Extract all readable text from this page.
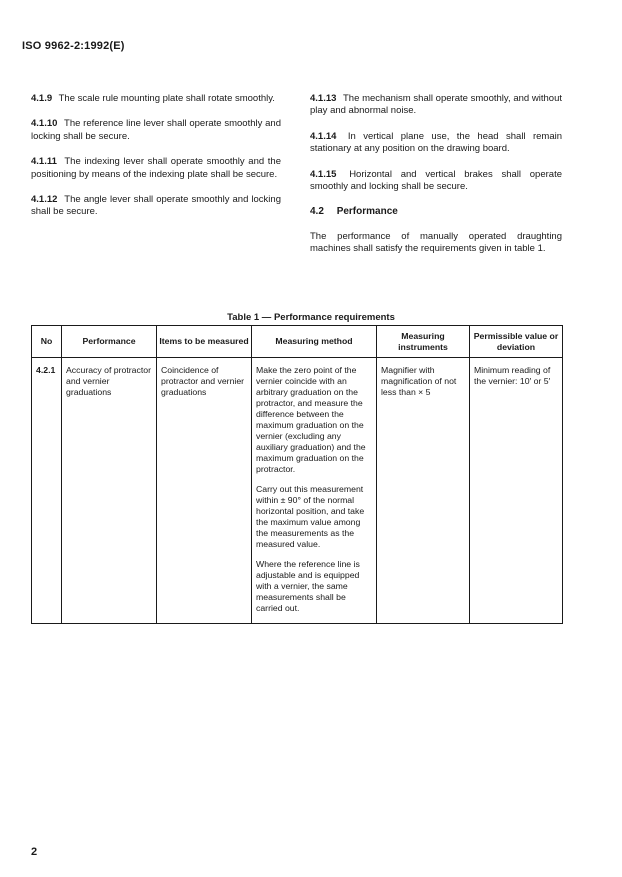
ISO 9962-2:1992(E)

4.1.9 The scale rule mounting plate shall rotate smoothly.

4.1.10 The reference line lever shall operate smoothly and locking shall be secure.

4.1.11 The indexing lever shall operate smoothly and the positioning by means of the indexing plate shall be secure.

4.1.12 The angle lever shall operate smoothly and locking shall be secure.

4.1.13 The mechanism shall operate smoothly, and without play and abnormal noise.

4.1.14 In vertical plane use, the head shall remain stationary at any position on the drawing board.

4.1.15 Horizontal and vertical brakes shall operate smoothly and locking shall be secure.

4.2 Performance

The performance of manually operated draughting machines shall satisfy the requirements given in table 1.

Table 1 — Performance requirements
No	Performance	Items to be measured	Measuring method	Measuring instruments	Permissible value or deviation

4.2.1	Accuracy of protractor and vernier graduations	Coincidence of protractor and vernier graduations	Make the zero point of the vernier coincide with an arbitrary graduation on the protractor, and measure the difference between the maximum graduation on the vernier (excluding any auxiliary graduation) and the maximum graduation on the protractor.

Carry out this measurement within ± 90° of the normal horizontal position, and take the maximum value among the measurements as the measured value.

Where the reference line is adjustable and is equipped with a vernier, the same measurements shall be carried out.	Magnifier with magnification of not less than × 5	Minimum reading of the vernier: 10′ or 5′
2
